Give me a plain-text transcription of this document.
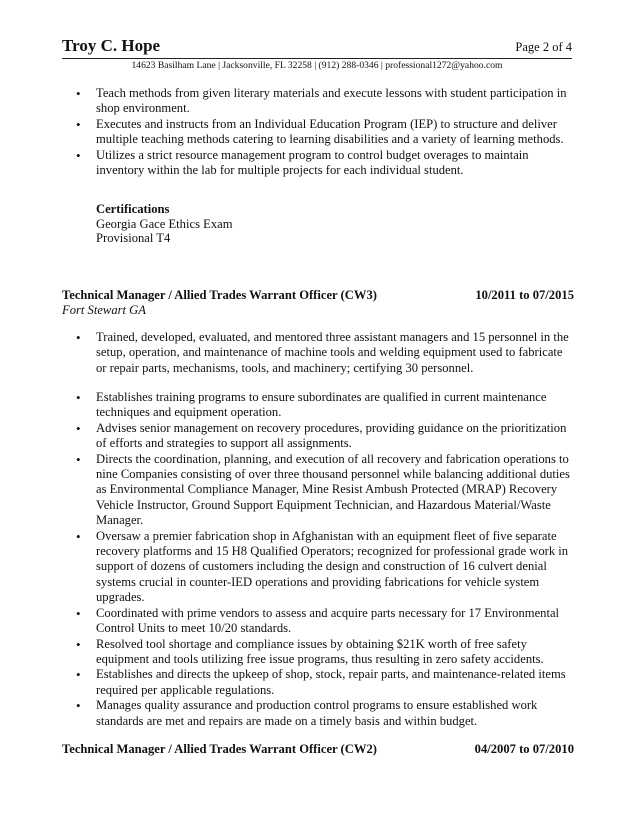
Troy C. Hope	Page 2 of 4
14623 Basilham Lane | Jacksonville, FL 32258 | (912) 288-0346 | professional1272@yahoo.com
• Teach methods from given literary materials and execute lessons with student participation in shop environment.
• Executes and instructs from an Individual Education Program (IEP) to structure and deliver multiple teaching methods catering to learning disabilities and a variety of learning methods.
• Utilizes a strict resource management program to control budget overages to maintain inventory within the lab for multiple projects for each individual student.
Certifications
Georgia Gace Ethics Exam
Provisional T4
Technical Manager / Allied Trades Warrant Officer (CW3)	10/2011 to 07/2015
Fort Stewart GA
• Trained, developed, evaluated, and mentored three assistant managers and 15 personnel in the setup, operation, and maintenance of machine tools and welding equipment used to fabricate or repair parts, mechanisms, tools, and machinery; certifying 30 personnel.
• Establishes training programs to ensure subordinates are qualified in current maintenance techniques and equipment operation.
• Advises senior management on recovery procedures, providing guidance on the prioritization of efforts and strategies to support all assignments.
• Directs the coordination, planning, and execution of all recovery and fabrication operations to nine Companies consisting of over three thousand personnel while balancing additional duties as Environmental Compliance Manager, Mine Resist Ambush Protected (MRAP) Recovery Vehicle Instructor, Ground Support Equipment Technician, and Hazardous Material/Waste Manager.
• Oversaw a premier fabrication shop in Afghanistan with an equipment fleet of five separate recovery platforms and 15 H8 Qualified Operators; recognized for professional grade work in support of dozens of customers including the design and construction of 16 culvert denial systems crucial in counter-IED operations and providing fabrications for vehicle system upgrades.
• Coordinated with prime vendors to assess and acquire parts necessary for 17 Environmental Control Units to meet 10/20 standards.
• Resolved tool shortage and compliance issues by obtaining $21K worth of free safety equipment and tools utilizing free issue programs, thus resulting in zero safety accidents.
• Establishes and directs the upkeep of shop, stock, repair parts, and maintenance-related items required per applicable regulations.
• Manages quality assurance and production control programs to ensure established work standards are met and repairs are made on a timely basis and within budget.
Technical Manager / Allied Trades Warrant Officer (CW2)	04/2007 to 07/2010
